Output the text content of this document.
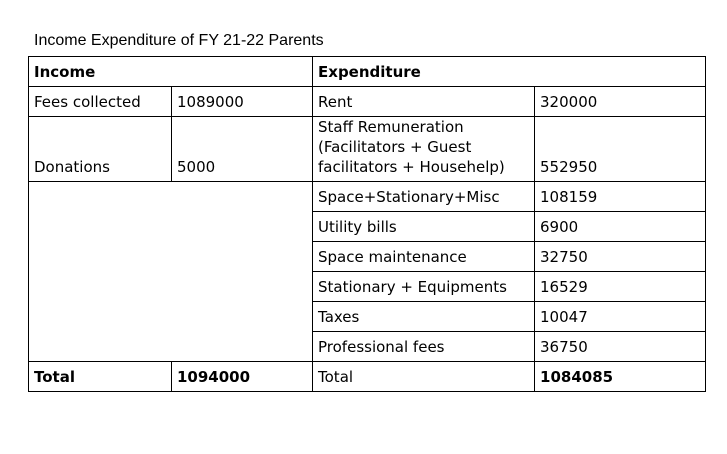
Income Expenditure of FY 21-22 Parents
Income		Expenditure	
Fees collected	1089000	Rent	320000
Donations	5000	Staff Remuneration
(Facilitators + Guest
facilitators + Househelp)	552950
		Space+Stationary+Misc	108159
		Utility bills	6900
		Space maintenance	32750
		Stationary + Equipments	16529
		Taxes	10047
		Professional fees	36750
Total	1094000	Total	1084085
